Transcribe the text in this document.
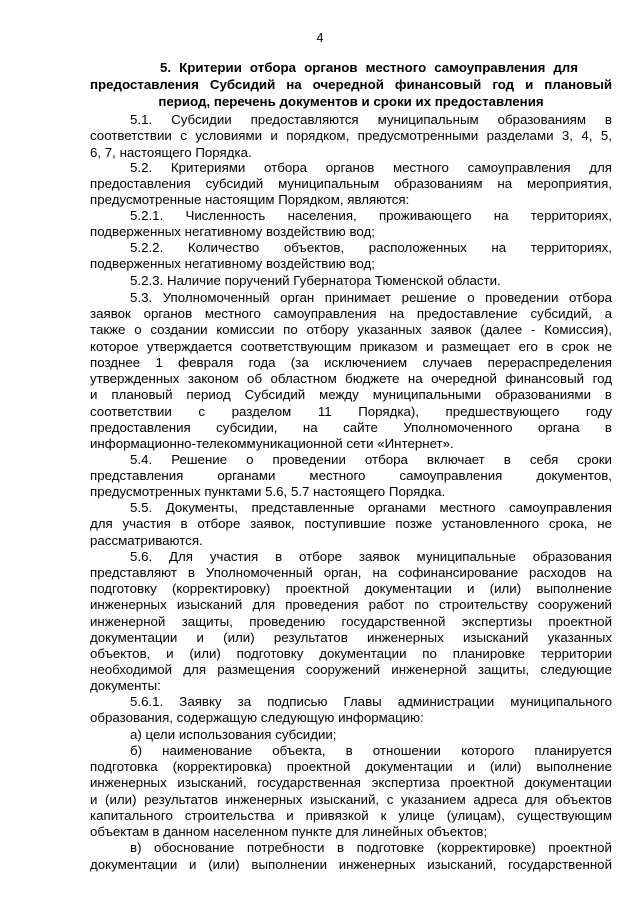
4
5. Критерии отбора органов местного самоуправления для
предоставления Субсидий на очередной финансовый год и плановый
период, перечень документов и сроки их предоставления
5.1. Субсидии предоставляются муниципальным образованиям в
соответствии с условиями и порядком, предусмотренными разделами 3, 4, 5,
6, 7, настоящего Порядка.
5.2. Критериями отбора органов местного самоуправления для
предоставления субсидий муниципальным образованиям на мероприятия,
предусмотренные настоящим Порядком, являются:
5.2.1. Численность населения, проживающего на территориях,
подверженных негативному воздействию вод;
5.2.2. Количество объектов, расположенных на территориях,
подверженных негативному воздействию вод;
5.2.3. Наличие поручений Губернатора Тюменской области.
5.3. Уполномоченный орган принимает решение о проведении отбора
заявок органов местного самоуправления на предоставление субсидий, а
также о создании комиссии по отбору указанных заявок (далее - Комиссия),
которое утверждается соответствующим приказом и размещает его в срок не
позднее 1 февраля года (за исключением случаев перераспределения
утвержденных законом об областном бюджете на очередной финансовый год
и плановый период Субсидий между муниципальными образованиями в
соответствии с разделом 11 Порядка), предшествующего году
предоставления субсидии, на сайте Уполномоченного органа в
информационно-телекоммуникационной сети «Интернет».
5.4. Решение о проведении отбора включает в себя сроки
представления органами местного самоуправления документов,
предусмотренных пунктами 5.6, 5.7 настоящего Порядка.
5.5. Документы, представленные органами местного самоуправления
для участия в отборе заявок, поступившие позже установленного срока, не
рассматриваются.
5.6. Для участия в отборе заявок муниципальные образования
представляют в Уполномоченный орган, на софинансирование расходов на
подготовку (корректировку) проектной документации и (или) выполнение
инженерных изысканий для проведения работ по строительству сооружений
инженерной защиты, проведению государственной экспертизы проектной
документации и (или) результатов инженерных изысканий указанных
объектов, и (или) подготовку документации по планировке территории
необходимой для размещения сооружений инженерной защиты, следующие
документы:
5.6.1. Заявку за подписью Главы администрации муниципального
образования, содержащую следующую информацию:
а) цели использования субсидии;
б) наименование объекта, в отношении которого планируется
подготовка (корректировка) проектной документации и (или) выполнение
инженерных изысканий, государственная экспертиза проектной документации
и (или) результатов инженерных изысканий, с указанием адреса для объектов
капитального строительства и привязкой к улице (улицам), существующим
объектам в данном населенном пункте для линейных объектов;
в) обоснование потребности в подготовке (корректировке) проектной
документации и (или) выполнении инженерных изысканий, государственной
